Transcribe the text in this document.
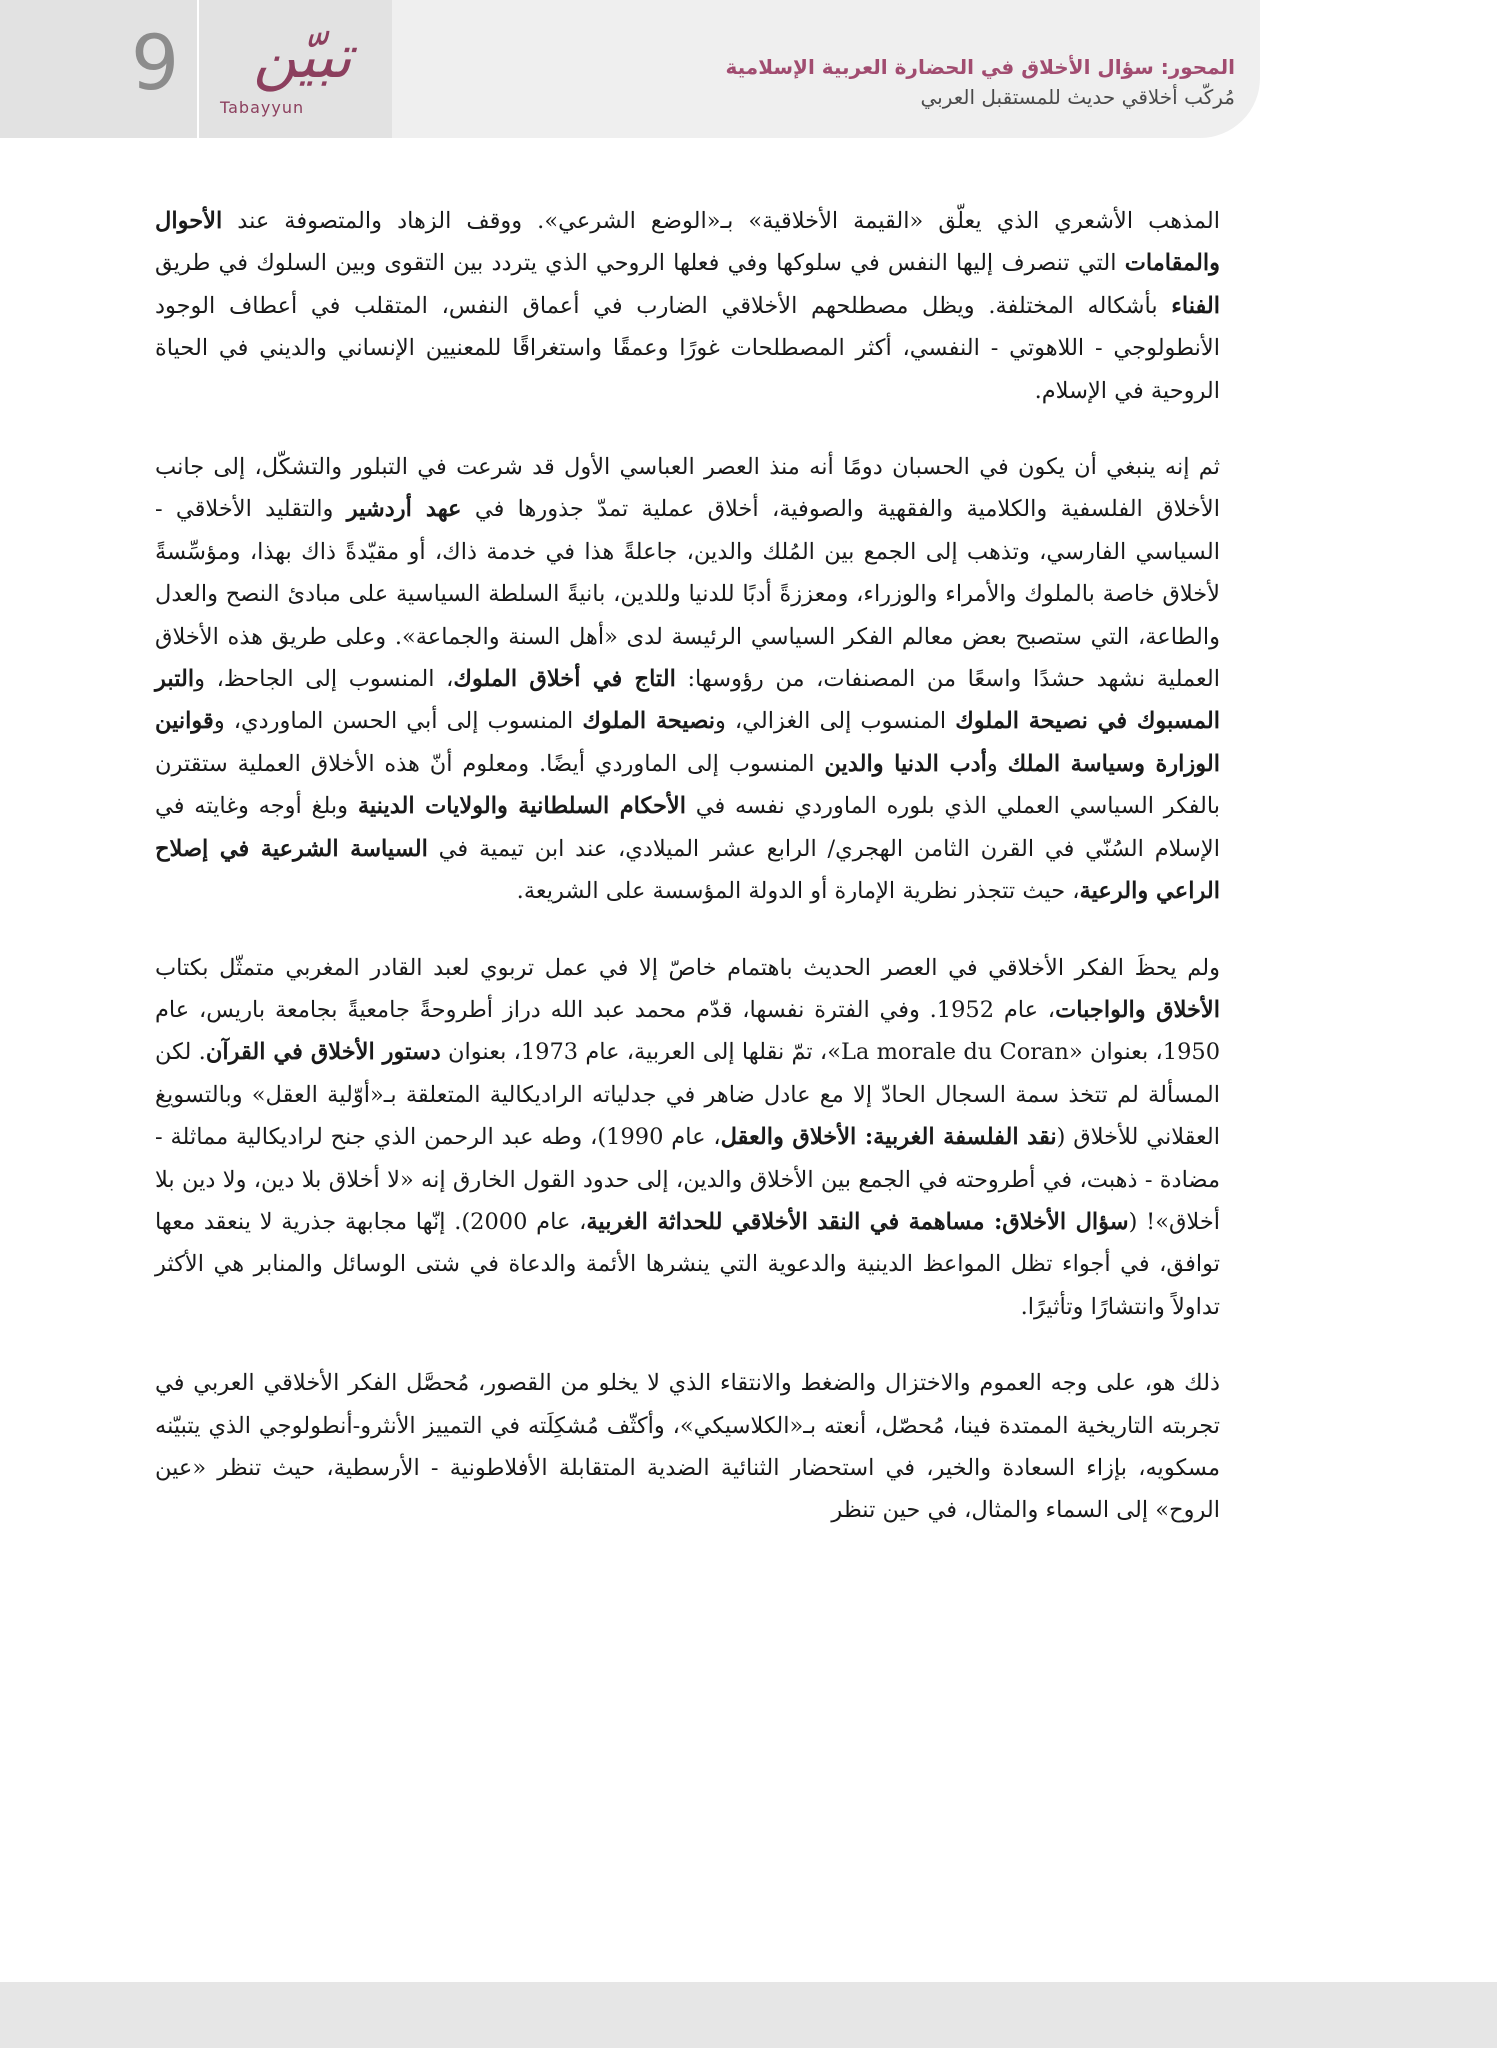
9	تبيّن
Tabayyun
المحور: سؤال الأخلاق في الحضارة العربية الإسلامية
مُركّب أخلاقي حديث للمستقبل العربي

المذهب الأشعري الذي يعلّق «القيمة الأخلاقية» بـ«الوضع الشرعي». ووقف الزهاد والمتصوفة عند الأحوال والمقامات التي تنصرف إليها النفس في سلوكها وفي فعلها الروحي الذي يتردد بين التقوى وبين السلوك في طريق الفناء بأشكاله المختلفة. ويظل مصطلحهم الأخلاقي الضارب في أعماق النفس، المتقلب في أعطاف الوجود الأنطولوجي - اللاهوتي - النفسي، أكثر المصطلحات غورًا وعمقًا واستغراقًا للمعنيين الإنساني والديني في الحياة الروحية في الإسلام.

ثم إنه ينبغي أن يكون في الحسبان دومًا أنه منذ العصر العباسي الأول قد شرعت في التبلور والتشكّل، إلى جانب الأخلاق الفلسفية والكلامية والفقهية والصوفية، أخلاق عملية تمدّ جذورها في عهد أردشير والتقليد الأخلاقي - السياسي الفارسي، وتذهب إلى الجمع بين المُلك والدين، جاعلةً هذا في خدمة ذاك، أو مقيّدةً ذاك بهذا، ومؤسِّسةً لأخلاق خاصة بالملوك والأمراء والوزراء، ومعززةً أدبًا للدنيا وللدين، بانيةً السلطة السياسية على مبادئ النصح والعدل والطاعة، التي ستصبح بعض معالم الفكر السياسي الرئيسة لدى «أهل السنة والجماعة». وعلى طريق هذه الأخلاق العملية نشهد حشدًا واسعًا من المصنفات، من رؤوسها: التاج في أخلاق الملوك، المنسوب إلى الجاحظ، والتبر المسبوك في نصيحة الملوك المنسوب إلى الغزالي، ونصيحة الملوك المنسوب إلى أبي الحسن الماوردي، وقوانين الوزارة وسياسة الملك وأدب الدنيا والدين المنسوب إلى الماوردي أيضًا. ومعلوم أنّ هذه الأخلاق العملية ستقترن بالفكر السياسي العملي الذي بلوره الماوردي نفسه في الأحكام السلطانية والولايات الدينية وبلغ أوجه وغايته في الإسلام السُنّي في القرن الثامن الهجري/ الرابع عشر الميلادي، عند ابن تيمية في السياسة الشرعية في إصلاح الراعي والرعية، حيث تتجذر نظرية الإمارة أو الدولة المؤسسة على الشريعة.

ولم يحظَ الفكر الأخلاقي في العصر الحديث باهتمام خاصّ إلا في عمل تربوي لعبد القادر المغربي متمثّل بكتاب الأخلاق والواجبات، عام 1952. وفي الفترة نفسها، قدّم محمد عبد الله دراز أطروحةً جامعيةً بجامعة باريس، عام 1950، بعنوان «La morale du Coran»، تمّ نقلها إلى العربية، عام 1973، بعنوان دستور الأخلاق في القرآن. لكن المسألة لم تتخذ سمة السجال الحادّ إلا مع عادل ضاهر في جدلياته الراديكالية المتعلقة بـ«أوّلية العقل» وبالتسويغ العقلاني للأخلاق (نقد الفلسفة الغربية: الأخلاق والعقل، عام 1990)، وطه عبد الرحمن الذي جنح لراديكالية مماثلة - مضادة - ذهبت، في أطروحته في الجمع بين الأخلاق والدين، إلى حدود القول الخارق إنه «لا أخلاق بلا دين، ولا دين بلا أخلاق»! (سؤال الأخلاق: مساهمة في النقد الأخلاقي للحداثة الغربية، عام 2000). إنّها مجابهة جذرية لا ينعقد معها توافق، في أجواء تظل المواعظ الدينية والدعوية التي ينشرها الأئمة والدعاة في شتى الوسائل والمنابر هي الأكثر تداولاً وانتشارًا وتأثيرًا.

ذلك هو، على وجه العموم والاختزال والضغط والانتقاء الذي لا يخلو من القصور، مُحصَّل الفكر الأخلاقي العربي في تجربته التاريخية الممتدة فينا، مُحصّل، أنعته بـ«الكلاسيكي»، وأكثّف مُشكِلَته في التمييز الأنثرو-أنطولوجي الذي يتبيّنه مسكويه، بإزاء السعادة والخير، في استحضار الثنائية الضدية المتقابلة الأفلاطونية - الأرسطية، حيث تنظر «عين الروح» إلى السماء والمثال، في حين تنظر
